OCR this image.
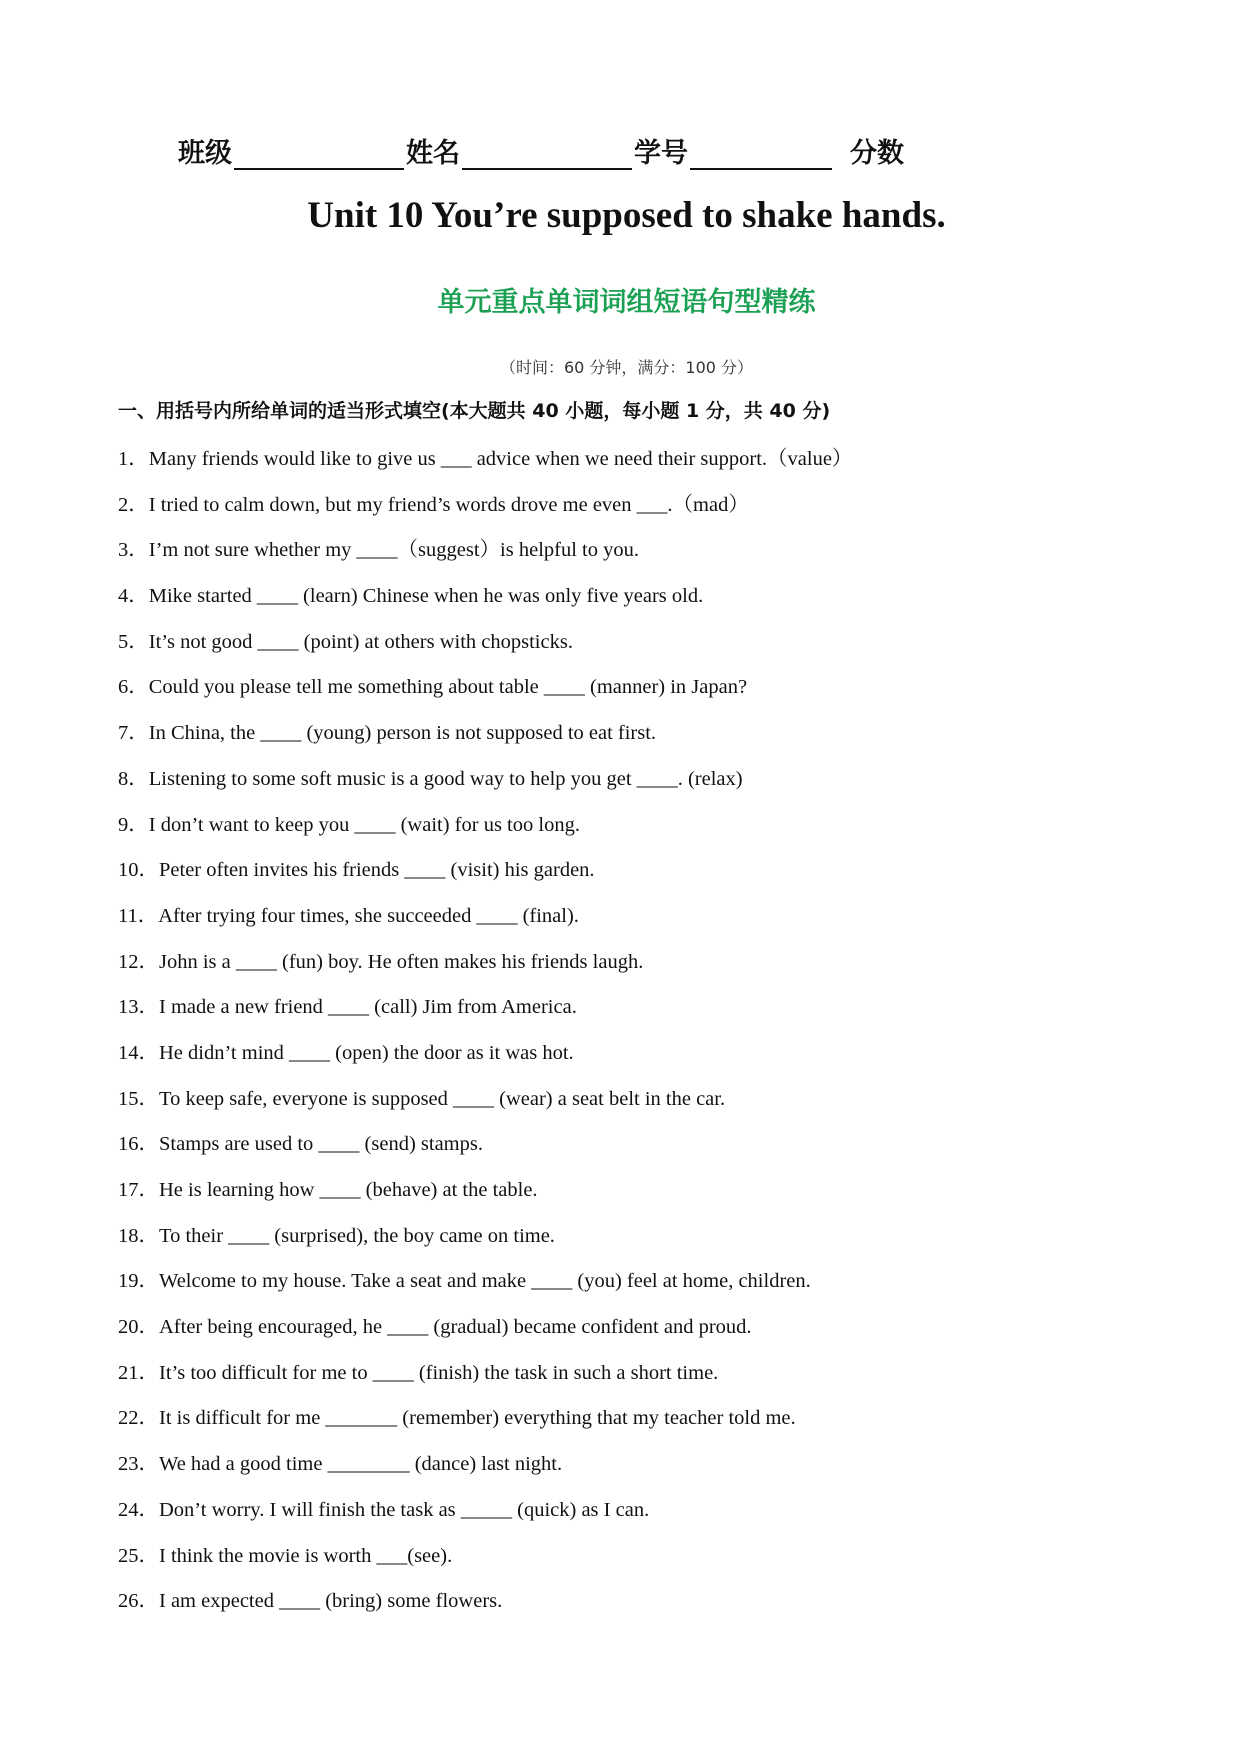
班级	姓名	学号	分数
Unit 10 You’re supposed to shake hands.
单元重点单词词组短语句型精练
（时间：60 分钟，满分：100 分）
一、用括号内所给单词的适当形式填空(本大题共 40 小题，每小题 1 分，共 40 分)
1．Many friends would like to give us ___ advice when we need their support.（value）
2．I tried to calm down, but my friend’s words drove me even ___.（mad）
3．I’m not sure whether my ____（suggest）is helpful to you.
4．Mike started ____ (learn) Chinese when he was only five years old.
5．It’s not good ____ (point) at others with chopsticks.
6．Could you please tell me something about table ____ (manner) in Japan?
7．In China, the ____ (young) person is not supposed to eat first.
8．Listening to some soft music is a good way to help you get ____. (relax)
9．I don’t want to keep you ____ (wait) for us too long.
10．Peter often invites his friends ____ (visit) his garden.
11．After trying four times, she succeeded ____ (final).
12．John is a ____ (fun) boy. He often makes his friends laugh.
13．I made a new friend ____ (call) Jim from America.
14．He didn’t mind ____ (open) the door as it was hot.
15．To keep safe, everyone is supposed ____ (wear) a seat belt in the car.
16．Stamps are used to ____ (send) stamps.
17．He is learning how ____ (behave) at the table.
18．To their ____ (surprised), the boy came on time.
19．Welcome to my house. Take a seat and make ____ (you) feel at home, children.
20．After being encouraged, he ____ (gradual) became confident and proud.
21．It’s too difficult for me to ____ (finish) the task in such a short time.
22．It is difficult for me _______ (remember) everything that my teacher told me.
23．We had a good time ________ (dance) last night.
24．Don’t worry. I will finish the task as _____ (quick) as I can.
25．I think the movie is worth ___(see).
26．I am expected ____ (bring) some flowers.
